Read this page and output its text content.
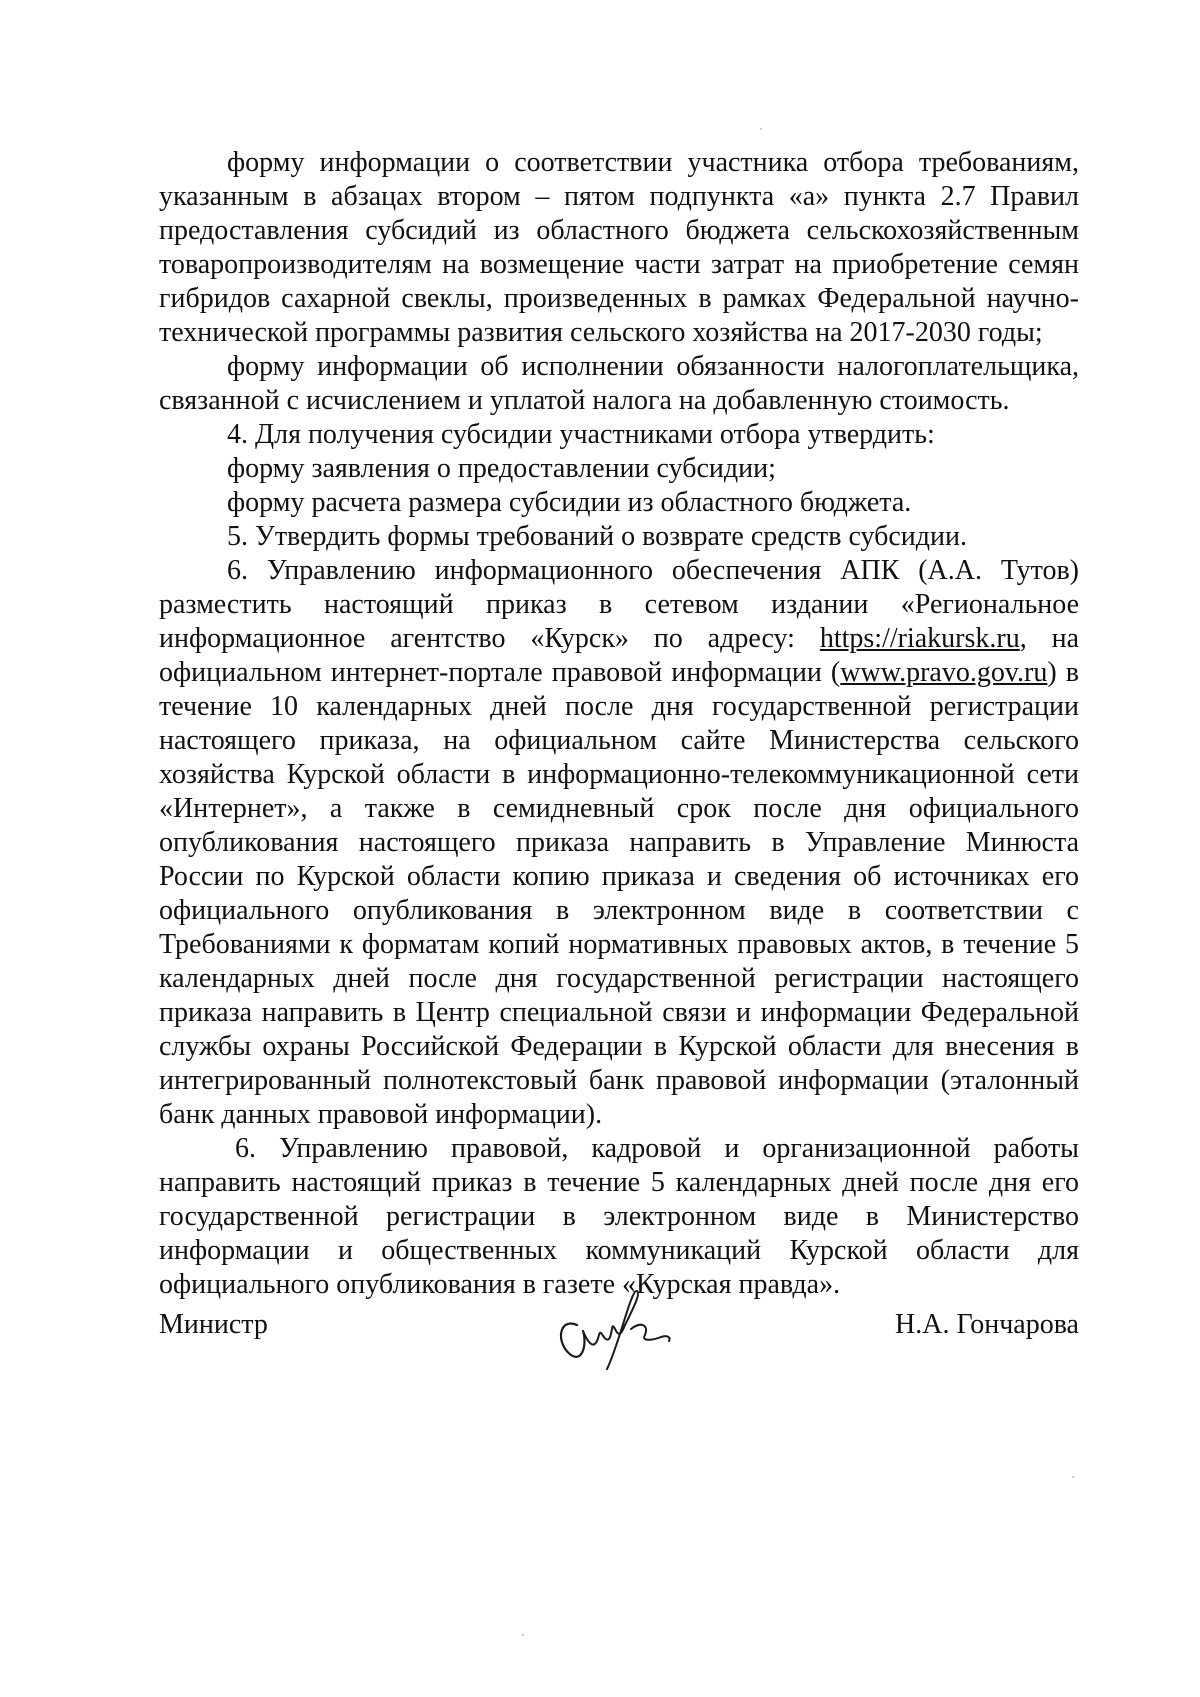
форму информации о соответствии участника отбора требованиям, указанным в абзацах втором – пятом подпункта «а» пункта 2.7 Правил предоставления субсидий из областного бюджета сельскохозяйственным товаропроизводителям на возмещение части затрат на приобретение семян гибридов сахарной свеклы, произведенных в рамках Федеральной научно-технической программы развития сельского хозяйства на 2017-2030 годы;

форму информации об исполнении обязанности налогоплательщика, связанной с исчислением и уплатой налога на добавленную стоимость.

4. Для получения субсидии участниками отбора утвердить:

форму заявления о предоставлении субсидии;

форму расчета размера субсидии из областного бюджета.

5. Утвердить формы требований о возврате средств субсидии.

6. Управлению информационного обеспечения АПК (А.А. Тутов) разместить настоящий приказ в сетевом издании «Региональное информационное агентство «Курск» по адресу: https://riakursk.ru, на официальном интернет-портале правовой информации (www.pravo.gov.ru) в течение 10 календарных дней после дня государственной регистрации настоящего приказа, на официальном сайте Министерства сельского хозяйства Курской области в информационно-телекоммуникационной сети «Интернет», а также в семидневный срок после дня официального опубликования настоящего приказа направить в Управление Минюста России по Курской области копию приказа и сведения об источниках его официального опубликования в электронном виде в соответствии с Требованиями к форматам копий нормативных правовых актов, в течение 5 календарных дней после дня государственной регистрации настоящего приказа направить в Центр специальной связи и информации Федеральной службы охраны Российской Федерации в Курской области для внесения в интегрированный полнотекстовый банк правовой информации (эталонный банк данных правовой информации).

6. Управлению правовой, кадровой и организационной работы направить настоящий приказ в течение 5 календарных дней после дня его государственной регистрации в электронном виде в Министерство информации и общественных коммуникаций Курской области для официального опубликования в газете «Курская правда».

Министр	Н.А. Гончарова
